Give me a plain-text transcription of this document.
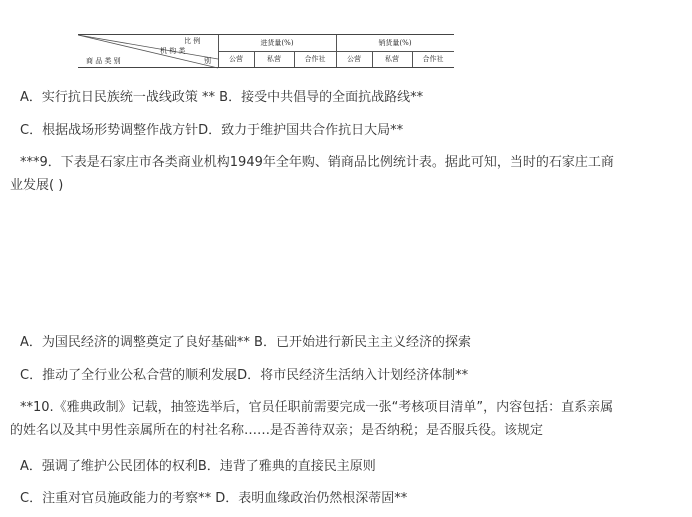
比 例
机 构 类
别
商 品 类 别
进货量(%)	销货量(%)
公营	私营	合作社	公营	私营	合作社
A．实行抗日民族统一战线政策 ** B．接受中共倡导的全面抗战路线**
C．根据战场形势调整作战方针D．致力于维护国共合作抗日大局**

***9．下表是石家庄市各类商业机构1949年全年购、销商品比例统计表。据此可知，当时的石家庄工商

业发展( )

A．为国民经济的调整奠定了良好基础** B．已开始进行新民主主义经济的探索
C．推动了全行业公私合营的顺利发展D．将市民经济生活纳入计划经济体制**

**10.《雅典政制》记载，抽签选举后，官员任职前需要完成一张“考核项目清单”，内容包括：直系亲属

的姓名以及其中男性亲属所在的村社名称……是否善待双亲；是否纳税；是否服兵役。该规定

A．强调了维护公民团体的权利B．违背了雅典的直接民主原则
C．注重对官员施政能力的考察** D．表明血缘政治仍然根深蒂固**
